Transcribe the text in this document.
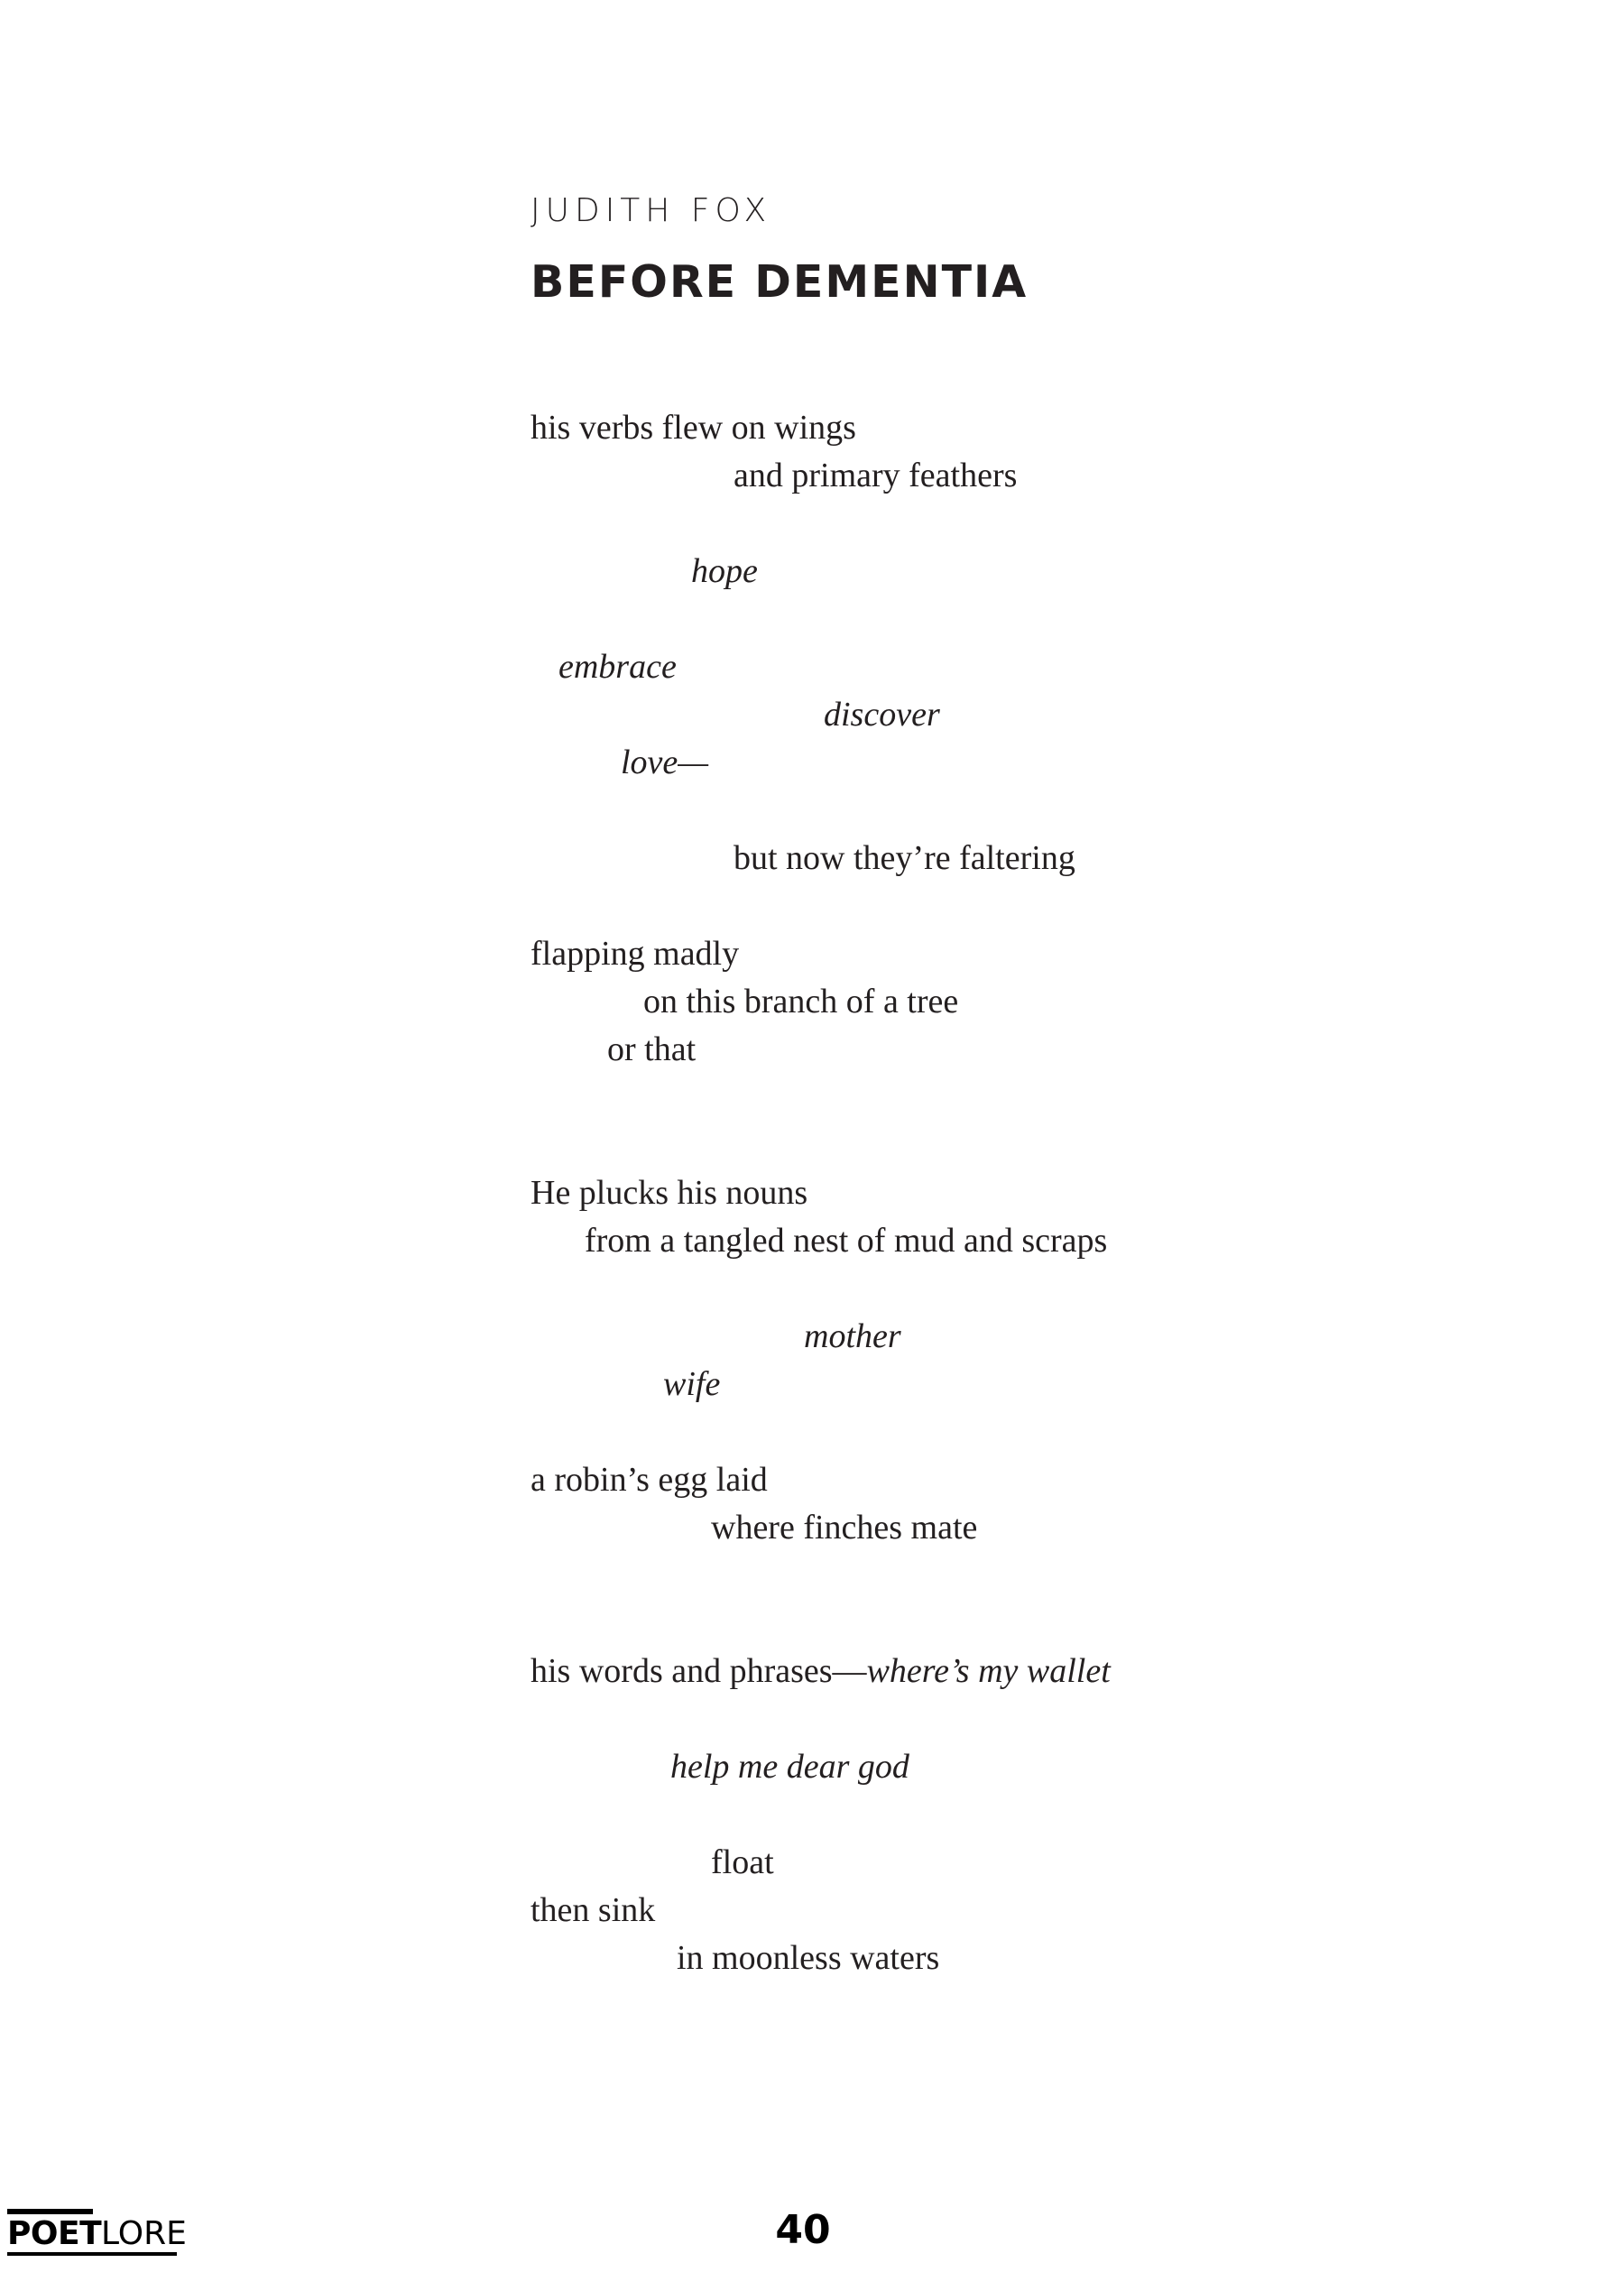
JUDITH FOX
BEFORE DEMENTIA
his verbs flew on wings
and primary feathers
hope
embrace
discover
love—
but now they’re faltering
flapping madly
on this branch of a tree
or that
He plucks his nouns
from a tangled nest of mud and scraps
mother
wife
a robin’s egg laid
where finches mate
his words and phrases—where’s my wallet
help me dear god
float
then sink
in moonless waters
POET LORE	40
